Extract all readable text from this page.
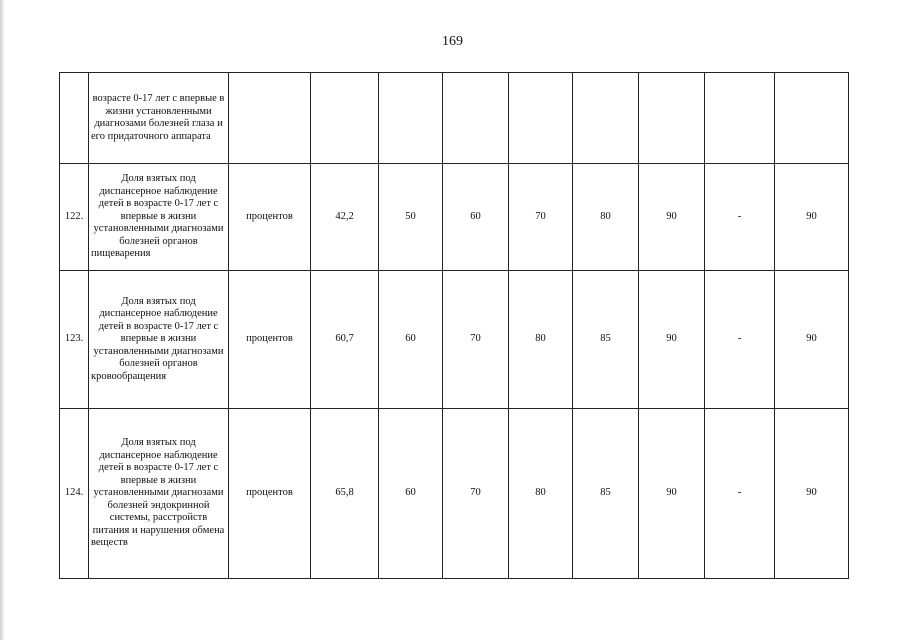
169
	возрасте 0-17 лет с впервые в жизни установленными диагнозами болезней глаза и его придаточного аппарата									
122.	Доля взятых под диспансерное наблюдение детей в возрасте 0-17 лет с впервые в жизни установленными диагнозами болезней органов пищеварения	процентов	42,2	50	60	70	80	90	-	90
123.	Доля взятых под диспансерное наблюдение детей в возрасте 0-17 лет с впервые в жизни установленными диагнозами болезней органов кровообращения	процентов	60,7	60	70	80	85	90	-	90
124.	Доля взятых под диспансерное наблюдение детей в возрасте 0-17 лет с впервые в жизни установленными диагнозами болезней эндокринной системы, расстройств питания и нарушения обмена веществ	процентов	65,8	60	70	80	85	90	-	90
